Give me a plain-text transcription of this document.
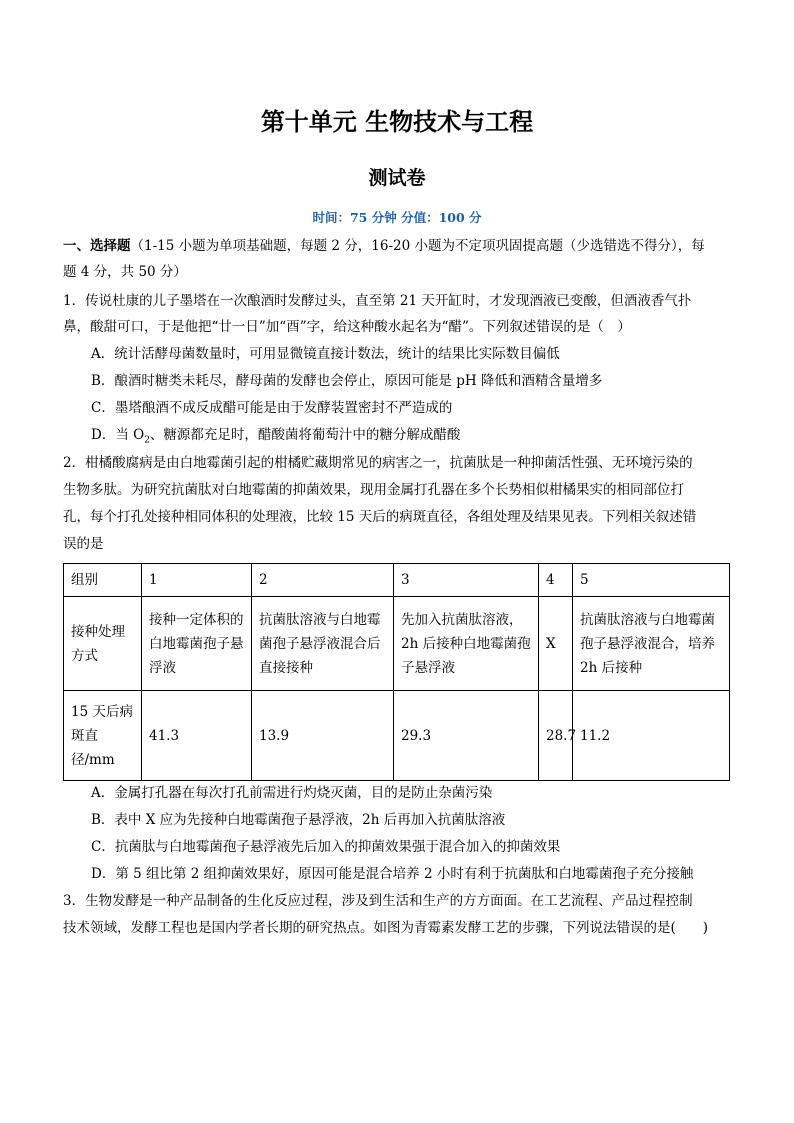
第十单元 生物技术与工程
测试卷
时间：75 分钟 分值：100 分
一、选择题（1-15 小题为单项基础题，每题 2 分，16-20 小题为不定项巩固提高题（少选错选不得分），每
题 4 分，共 50 分）
1．传说杜康的儿子墨塔在一次酿酒时发酵过头，直至第 21 天开缸时，才发现酒液已变酸，但酒液香气扑
鼻，酸甜可口，于是他把“廿一日”加“酉”字，给这种酸水起名为“醋”。下列叙述错误的是（　）
A．统计活酵母菌数量时，可用显微镜直接计数法，统计的结果比实际数目偏低
B．酿酒时糖类未耗尽，酵母菌的发酵也会停止，原因可能是 pH 降低和酒精含量增多
C．墨塔酿酒不成反成醋可能是由于发酵装置密封不严造成的
D．当 $O_2$、糖源都充足时，醋酸菌将葡萄汁中的糖分解成醋酸
2．柑橘酸腐病是由白地霉菌引起的柑橘贮藏期常见的病害之一，抗菌肽是一种抑菌活性强、无环境污染的
生物多肽。为研究抗菌肽对白地霉菌的抑菌效果，现用金属打孔器在多个长势相似柑橘果实的相同部位打
孔，每个打孔处接种相同体积的处理液，比较 15 天后的病斑直径，各组处理及结果见表。下列相关叙述错
误的是
组别	1	2	3	4	5
接种处理方式	接种一定体积的白地霉菌孢子悬浮液	抗菌肽溶液与白地霉菌孢子悬浮液混合后直接接种	先加入抗菌肽溶液，2h 后接种白地霉菌孢子悬浮液	X	抗菌肽溶液与白地霉菌孢子悬浮液混合，培养 2h 后接种
15 天后病斑直径/mm	41.3	13.9	29.3	28.7	11.2
A．金属打孔器在每次打孔前需进行灼烧灭菌，目的是防止杂菌污染
B．表中 X 应为先接种白地霉菌孢子悬浮液，2h 后再加入抗菌肽溶液
C．抗菌肽与白地霉菌孢子悬浮液先后加入的抑菌效果强于混合加入的抑菌效果
D．第 5 组比第 2 组抑菌效果好，原因可能是混合培养 2 小时有利于抗菌肽和白地霉菌孢子充分接触
3．生物发酵是一种产品制备的生化反应过程，涉及到生活和生产的方方面面。在工艺流程、产品过程控制
技术领域，发酵工程也是国内学者长期的研究热点。如图为青霉素发酵工艺的步骤，下列说法错误的是(　　)
